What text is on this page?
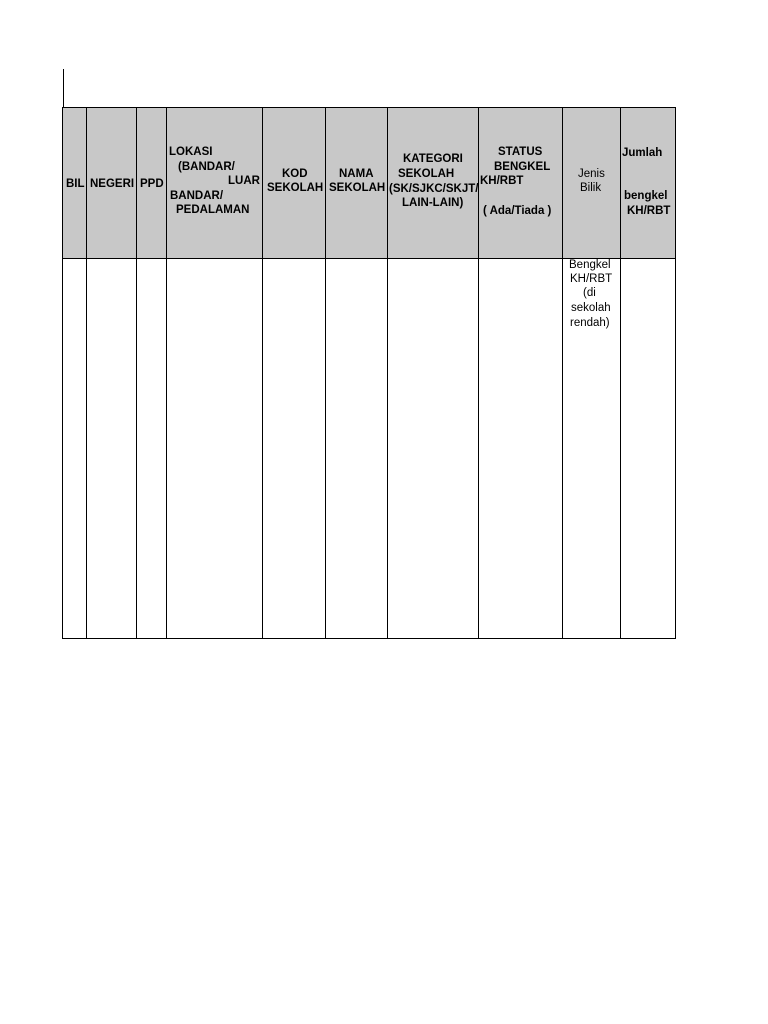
BIL NEGERI PPD
LOKASI
(BANDAR/
LUAR
BANDAR/
PEDALAMAN
KOD
SEKOLAH
NAMA
SEKOLAH
KATEGORI
SEKOLAH
(SK/SJKC/SKJT/
LAIN-LAIN)
STATUS
BENGKEL
KH/RBT
( Ada/Tiada )
Jenis
Bilik
Jumlah
bengkel
KH/RBT
Bengkel
KH/RBT
(di
sekolah
rendah)
